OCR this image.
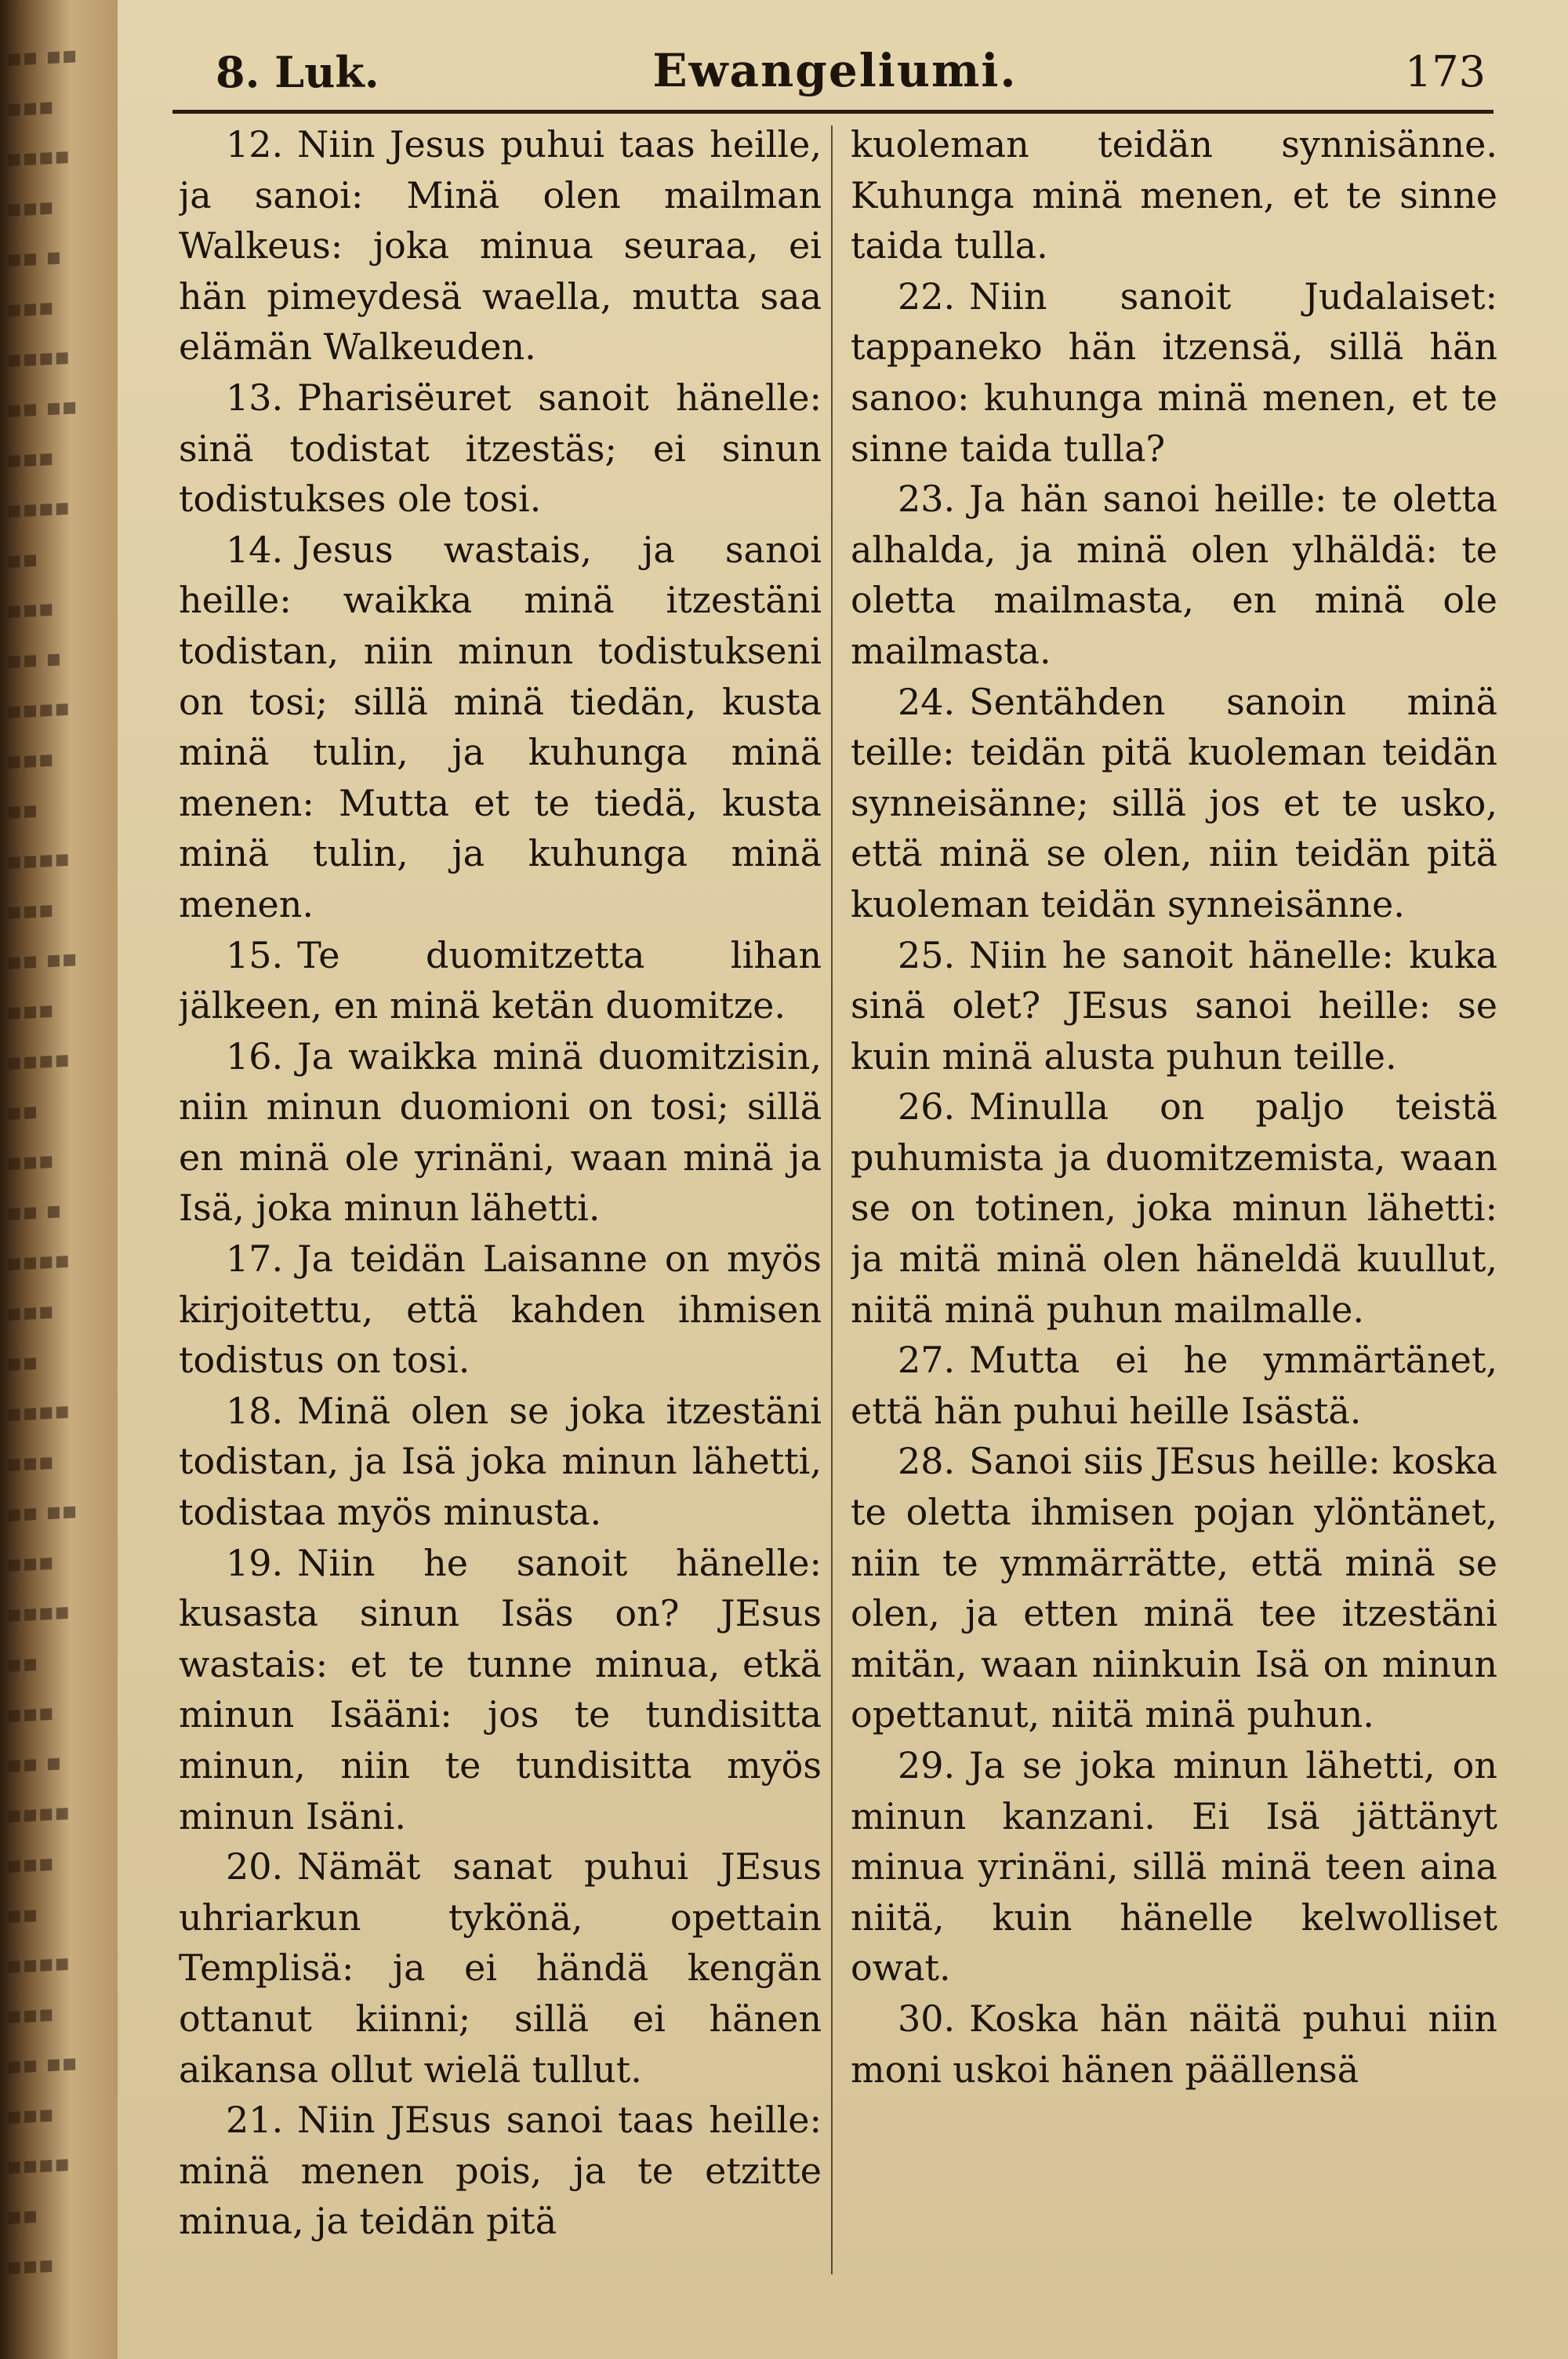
▪▪ ▪▪
▪▪▪
▪▪▪▪
▪▪▪
▪▪ ▪
▪▪▪
▪▪▪▪
▪▪ ▪▪
▪▪▪
▪▪▪▪
▪▪
▪▪▪
▪▪ ▪
▪▪▪▪
▪▪▪
▪▪
▪▪▪▪
▪▪▪
▪▪ ▪▪
▪▪▪
▪▪▪▪
▪▪
▪▪▪
▪▪ ▪
▪▪▪▪
▪▪▪
▪▪
▪▪▪▪
▪▪▪
▪▪ ▪▪
▪▪▪
▪▪▪▪
▪▪
▪▪▪
▪▪ ▪
▪▪▪▪
▪▪▪
▪▪
▪▪▪▪
▪▪▪
▪▪ ▪▪
▪▪▪
▪▪▪▪
▪▪
▪▪▪
8. Luk.	Ewangeliumi.	173

12. Niin Jesus puhui taas heille, ja sanoi: Minä olen mailman Walkeus: joka minua seuraa, ei hän pimeydesä waella, mutta saa elämän Walkeuden.

13. Pharisëuret sanoit hänelle: sinä todistat itzestäs; ei sinun todistukses ole tosi.

14. Jesus wastais, ja sanoi heille: waikka minä itzestäni todistan, niin minun todistukseni on tosi; sillä minä tiedän, kusta minä tulin, ja kuhunga minä menen: Mutta et te tiedä, kusta minä tulin, ja kuhunga minä menen.

15. Te duomitzetta lihan jälkeen, en minä ketän duomitze.

16. Ja waikka minä duomitzisin, niin minun duomioni on tosi; sillä en minä ole yrinäni, waan minä ja Isä, joka minun lähetti.

17. Ja teidän Laisanne on myös kirjoitettu, että kahden ihmisen todistus on tosi.

18. Minä olen se joka itzestäni todistan, ja Isä joka minun lähetti, todistaa myös minusta.

19. Niin he sanoit hänelle: kusasta sinun Isäs on? JEsus wastais: et te tunne minua, etkä minun Isääni: jos te tundisitta minun, niin te tundisitta myös minun Isäni.

20. Nämät sanat puhui JEsus uhriarkun tykönä, opettain Templisä: ja ei händä kengän ottanut kiinni; sillä ei hänen aikansa ollut wielä tullut.

21. Niin JEsus sanoi taas heille: minä menen pois, ja te etzitte minua, ja teidän pitä

kuoleman teidän synnisänne. Kuhunga minä menen, et te sinne taida tulla.

22. Niin sanoit Judalaiset: tappaneko hän itzensä, sillä hän sanoo: kuhunga minä menen, et te sinne taida tulla?

23. Ja hän sanoi heille: te oletta alhalda, ja minä olen ylhäldä: te oletta mailmasta, en minä ole mailmasta.

24. Sentähden sanoin minä teille: teidän pitä kuoleman teidän synneisänne; sillä jos et te usko, että minä se olen, niin teidän pitä kuoleman teidän synneisänne.

25. Niin he sanoit hänelle: kuka sinä olet? JEsus sanoi heille: se kuin minä alusta puhun teille.

26. Minulla on paljo teistä puhumista ja duomitzemista, waan se on totinen, joka minun lähetti: ja mitä minä olen häneldä kuullut, niitä minä puhun mailmalle.

27. Mutta ei he ymmärtänet, että hän puhui heille Isästä.

28. Sanoi siis JEsus heille: koska te oletta ihmisen pojan ylöntänet, niin te ymmärrätte, että minä se olen, ja etten minä tee itzestäni mitän, waan niinkuin Isä on minun opettanut, niitä minä puhun.

29. Ja se joka minun lähetti, on minun kanzani. Ei Isä jättänyt minua yrinäni, sillä minä teen aina niitä, kuin hänelle kelwolliset owat.

30. Koska hän näitä puhui niin moni uskoi hänen päällensä
